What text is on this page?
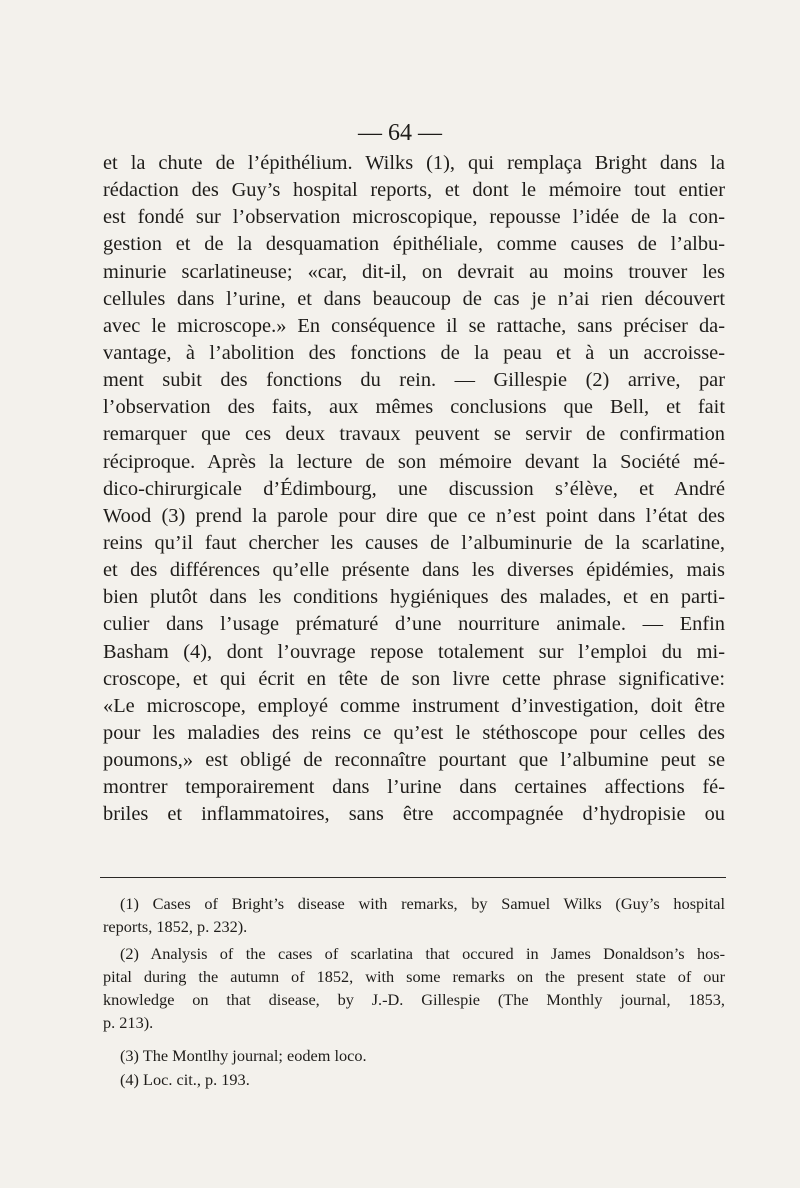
— 64 —
et la chute de l’épithélium. Wilks (1), qui remplaça Bright dans la
rédaction des Guy’s hospital reports, et dont le mémoire tout entier
est fondé sur l’observation microscopique, repousse l’idée de la con-
gestion et de la desquamation épithéliale, comme causes de l’albu-
minurie scarlatineuse; «car, dit-il, on devrait au moins trouver les
cellules dans l’urine, et dans beaucoup de cas je n’ai rien découvert
avec le microscope.» En conséquence il se rattache, sans préciser da-
vantage, à l’abolition des fonctions de la peau et à un accroisse-
ment subit des fonctions du rein. — Gillespie (2) arrive, par
l’observation des faits, aux mêmes conclusions que Bell, et fait
remarquer que ces deux travaux peuvent se servir de confirmation
réciproque. Après la lecture de son mémoire devant la Société mé-
dico-chirurgicale d’Édimbourg, une discussion s’élève, et André
Wood (3) prend la parole pour dire que ce n’est point dans l’état des
reins qu’il faut chercher les causes de l’albuminurie de la scarlatine,
et des différences qu’elle présente dans les diverses épidémies, mais
bien plutôt dans les conditions hygiéniques des malades, et en parti-
culier dans l’usage prématuré d’une nourriture animale. — Enfin
Basham (4), dont l’ouvrage repose totalement sur l’emploi du mi-
croscope, et qui écrit en tête de son livre cette phrase significative:
«Le microscope, employé comme instrument d’investigation, doit être
pour les maladies des reins ce qu’est le stéthoscope pour celles des
poumons,» est obligé de reconnaître pourtant que l’albumine peut se
montrer temporairement dans l’urine dans certaines affections fé-
briles et inflammatoires, sans être accompagnée d’hydropisie ou
(1) Cases of Bright’s disease with remarks, by Samuel Wilks (Guy’s hospital
reports, 1852, p. 232).
(2) Analysis of the cases of scarlatina that occured in James Donaldson’s hos-
pital during the autumn of 1852, with some remarks on the present state of our
knowledge on that disease, by J.-D. Gillespie (The Monthly journal, 1853,
p. 213).
(3) The Montlhy journal; eodem loco.
(4) Loc. cit., p. 193.
